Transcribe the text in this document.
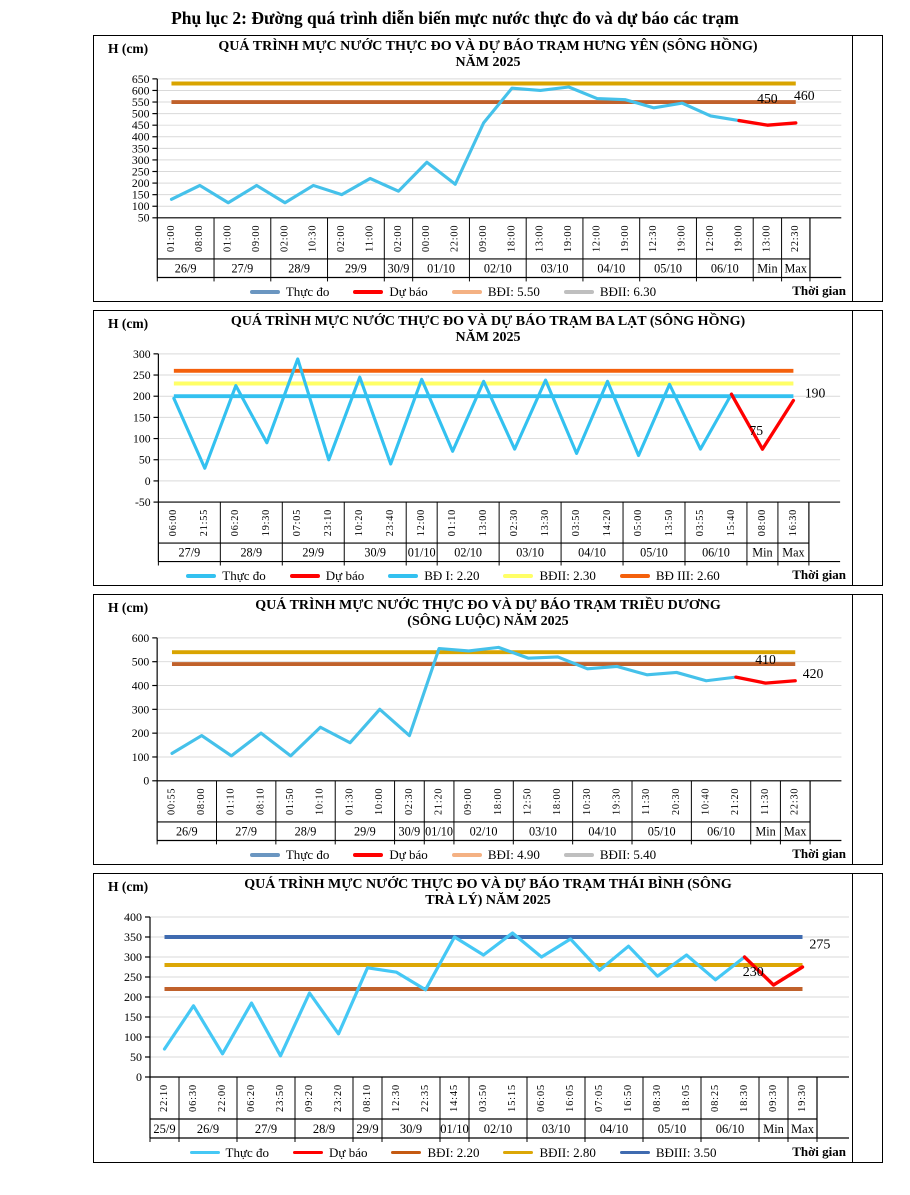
Phụ lục 2: Đường quá trình diễn biến mực nước thực đo và dự báo các trạm
H (cm)	QUÁ TRÌNH MỰC NƯỚC THỰC ĐO VÀ DỰ BÁO TRẠM HƯNG YÊN (SÔNG HỒNG)
NĂM 2025
650
600
550
500
450
400
350
300
250
200
150
100
50
450 460
01:00 08:00 01:00 09:00 02:00 10:30 02:00 11:00 02:00 00:00 22:00 09:00 18:00 13:00 19:00 12:00 19:00 12:30 19:00 12:00 19:00 13:00 22:30
26/9	27/9	28/9	29/9 30/9 01/10 02/10 03/10 04/10 05/10 06/10 Min Max
Thực đo	Dự báo	BĐI: 5.50	BĐII: 6.30	Thời gian
H (cm)	QUÁ TRÌNH MỰC NƯỚC THỰC ĐO VÀ DỰ BÁO TRẠM BA LẠT (SÔNG HỒNG)
NĂM 2025
300
250
200
150
100
50
0
-50
75
190
06:00 21:55 06:20 19:30 07:05 23:10 10:20 23:40 12:00 01:10 13:00 02:30 13:30 03:50 14:20 05:00 13:50 03:55 15:40 08:00 16:30
27/9	28/9	29/9	30/9 01/10 02/10	03/10	04/10	05/10	06/10 Min Max
Thực đo	Dự báo	BĐ I: 2.20	BĐII: 2.30	BĐ III: 2.60	Thời gian
H (cm)	QUÁ TRÌNH MỰC NƯỚC THỰC ĐO VÀ DỰ BÁO TRẠM TRIỀU DƯƠNG
(SÔNG LUỘC) NĂM 2025
600
500
400
300
200
100
0
410
420
00:55 08:00 01:10 08:10 01:50 10:10 01:30 10:00 02:30 21:20 09:00 18:00 12:50 18:00 10:30 19:30 11:30 20:30 10:40 21:20 11:30 22:30
26/9	27/9	28/9	29/9 30/9 01/10 02/10	03/10	04/10	05/10	06/10 Min Max
Thực đo	Dự báo	BĐI: 4.90	BĐII: 5.40	Thời gian
H (cm)	QUÁ TRÌNH MỰC NƯỚC THỰC ĐO VÀ DỰ BÁO TRẠM THÁI BÌNH (SÔNG
TRÀ LÝ) NĂM 2025
400
350
300
250
200
150
100
50
0
230
275
22:10 06:30 22:00 06:20 23:50 09:20 23:20 08:10 12:30 22:35 14:45 03:50 15:15 06:05 16:05 07:05 16:50 08:30 18:05 08:25 18:30 09:30 19:30
25/9 26/9	27/9	28/9 29/9 30/9 01/10 02/10 03/10 04/10 05/10 06/10 Min Max
Thực đo	Dự báo	BĐI: 2.20	BĐII: 2.80	BĐIII: 3.50	Thời gian
